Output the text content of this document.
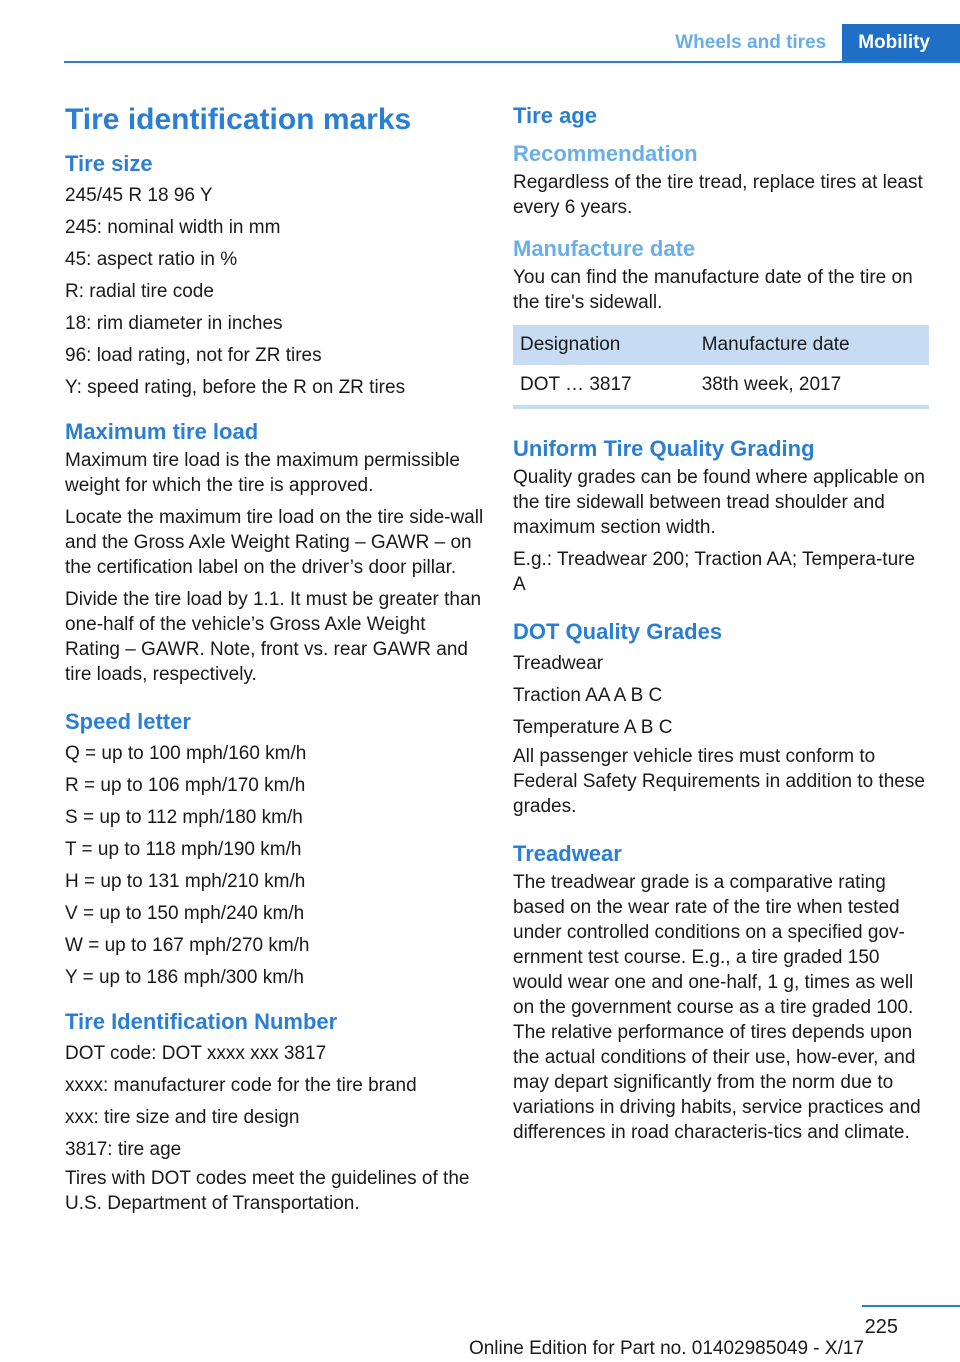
Wheels and tires	Mobility
Tire identification marks
Tire size
245/45 R 18 96 Y
245: nominal width in mm
45: aspect ratio in %
R: radial tire code
18: rim diameter in inches
96: load rating, not for ZR tires
Y: speed rating, before the R on ZR tires
Maximum tire load

Maximum tire load is the maximum permissible weight for which the tire is approved.

Locate the maximum tire load on the tire side-wall and the Gross Axle Weight Rating – GAWR – on the certification label on the driver’s door pillar.

Divide the tire load by 1.1. It must be greater than one-half of the vehicle’s Gross Axle Weight Rating – GAWR. Note, front vs. rear GAWR and tire loads, respectively.

Speed letter
Q = up to 100 mph/160 km/h
R = up to 106 mph/170 km/h
S = up to 112 mph/180 km/h
T = up to 118 mph/190 km/h
H = up to 131 mph/210 km/h
V = up to 150 mph/240 km/h
W = up to 167 mph/270 km/h
Y = up to 186 mph/300 km/h
Tire Identification Number
DOT code: DOT xxxx xxx 3817
xxxx: manufacturer code for the tire brand
xxx: tire size and tire design
3817: tire age

Tires with DOT codes meet the guidelines of the U.S. Department of Transportation.

Tire age
Recommendation

Regardless of the tire tread, replace tires at least every 6 years.

Manufacture date

You can find the manufacture date of the tire on the tire's sidewall.

Designation	Manufacture date
DOT … 3817	38th week, 2017
Uniform Tire Quality Grading

Quality grades can be found where applicable on the tire sidewall between tread shoulder and maximum section width.

E.g.: Treadwear 200; Traction AA; Tempera-ture A

DOT Quality Grades
Treadwear
Traction AA A B C
Temperature A B C

All passenger vehicle tires must conform to Federal Safety Requirements in addition to these grades.

Treadwear

The treadwear grade is a comparative rating based on the wear rate of the tire when tested under controlled conditions on a specified gov-ernment test course. E.g., a tire graded 150 would wear one and one-half, 1 g, times as well on the government course as a tire graded 100. The relative performance of tires depends upon the actual conditions of their use, how-ever, and may depart significantly from the norm due to variations in driving habits, service practices and differences in road characteris-tics and climate.

225
Online Edition for Part no. 01402985049 - X/17
